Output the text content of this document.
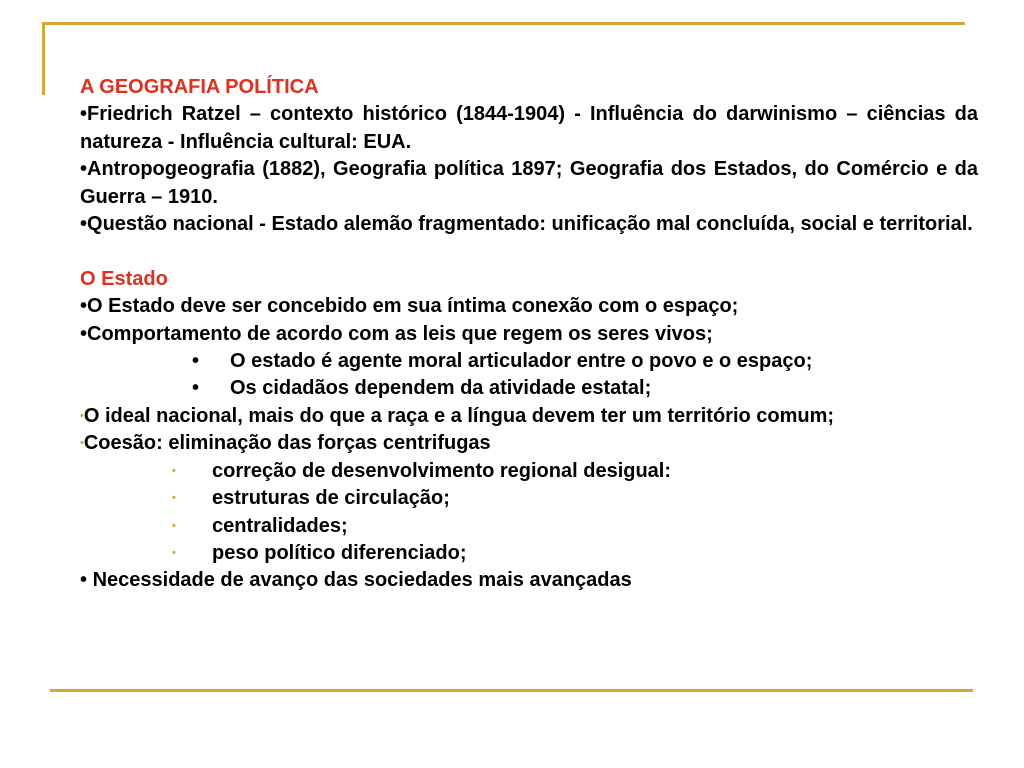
A GEOGRAFIA POLÍTICA
•Friedrich Ratzel – contexto histórico (1844-1904) - Influência do darwinismo – ciências da natureza - Influência cultural: EUA.
•Antropogeografia (1882), Geografia política 1897; Geografia dos Estados, do Comércio e da Guerra – 1910.
•Questão nacional - Estado alemão fragmentado: unificação mal concluída, social e territorial.
O Estado
•O Estado deve ser concebido em sua íntima conexão com o espaço;
•Comportamento de acordo com as leis que regem os seres vivos;
• O estado é agente moral articulador entre o povo e o espaço;
• Os cidadãos dependem da atividade estatal;
•O ideal nacional, mais do que a raça e a língua devem ter um território comum;
•Coesão: eliminação das forças centrifugas
• correção de desenvolvimento regional desigual:
• estruturas de circulação;
• centralidades;
• peso político diferenciado;
• Necessidade de avanço das sociedades mais avançadas
